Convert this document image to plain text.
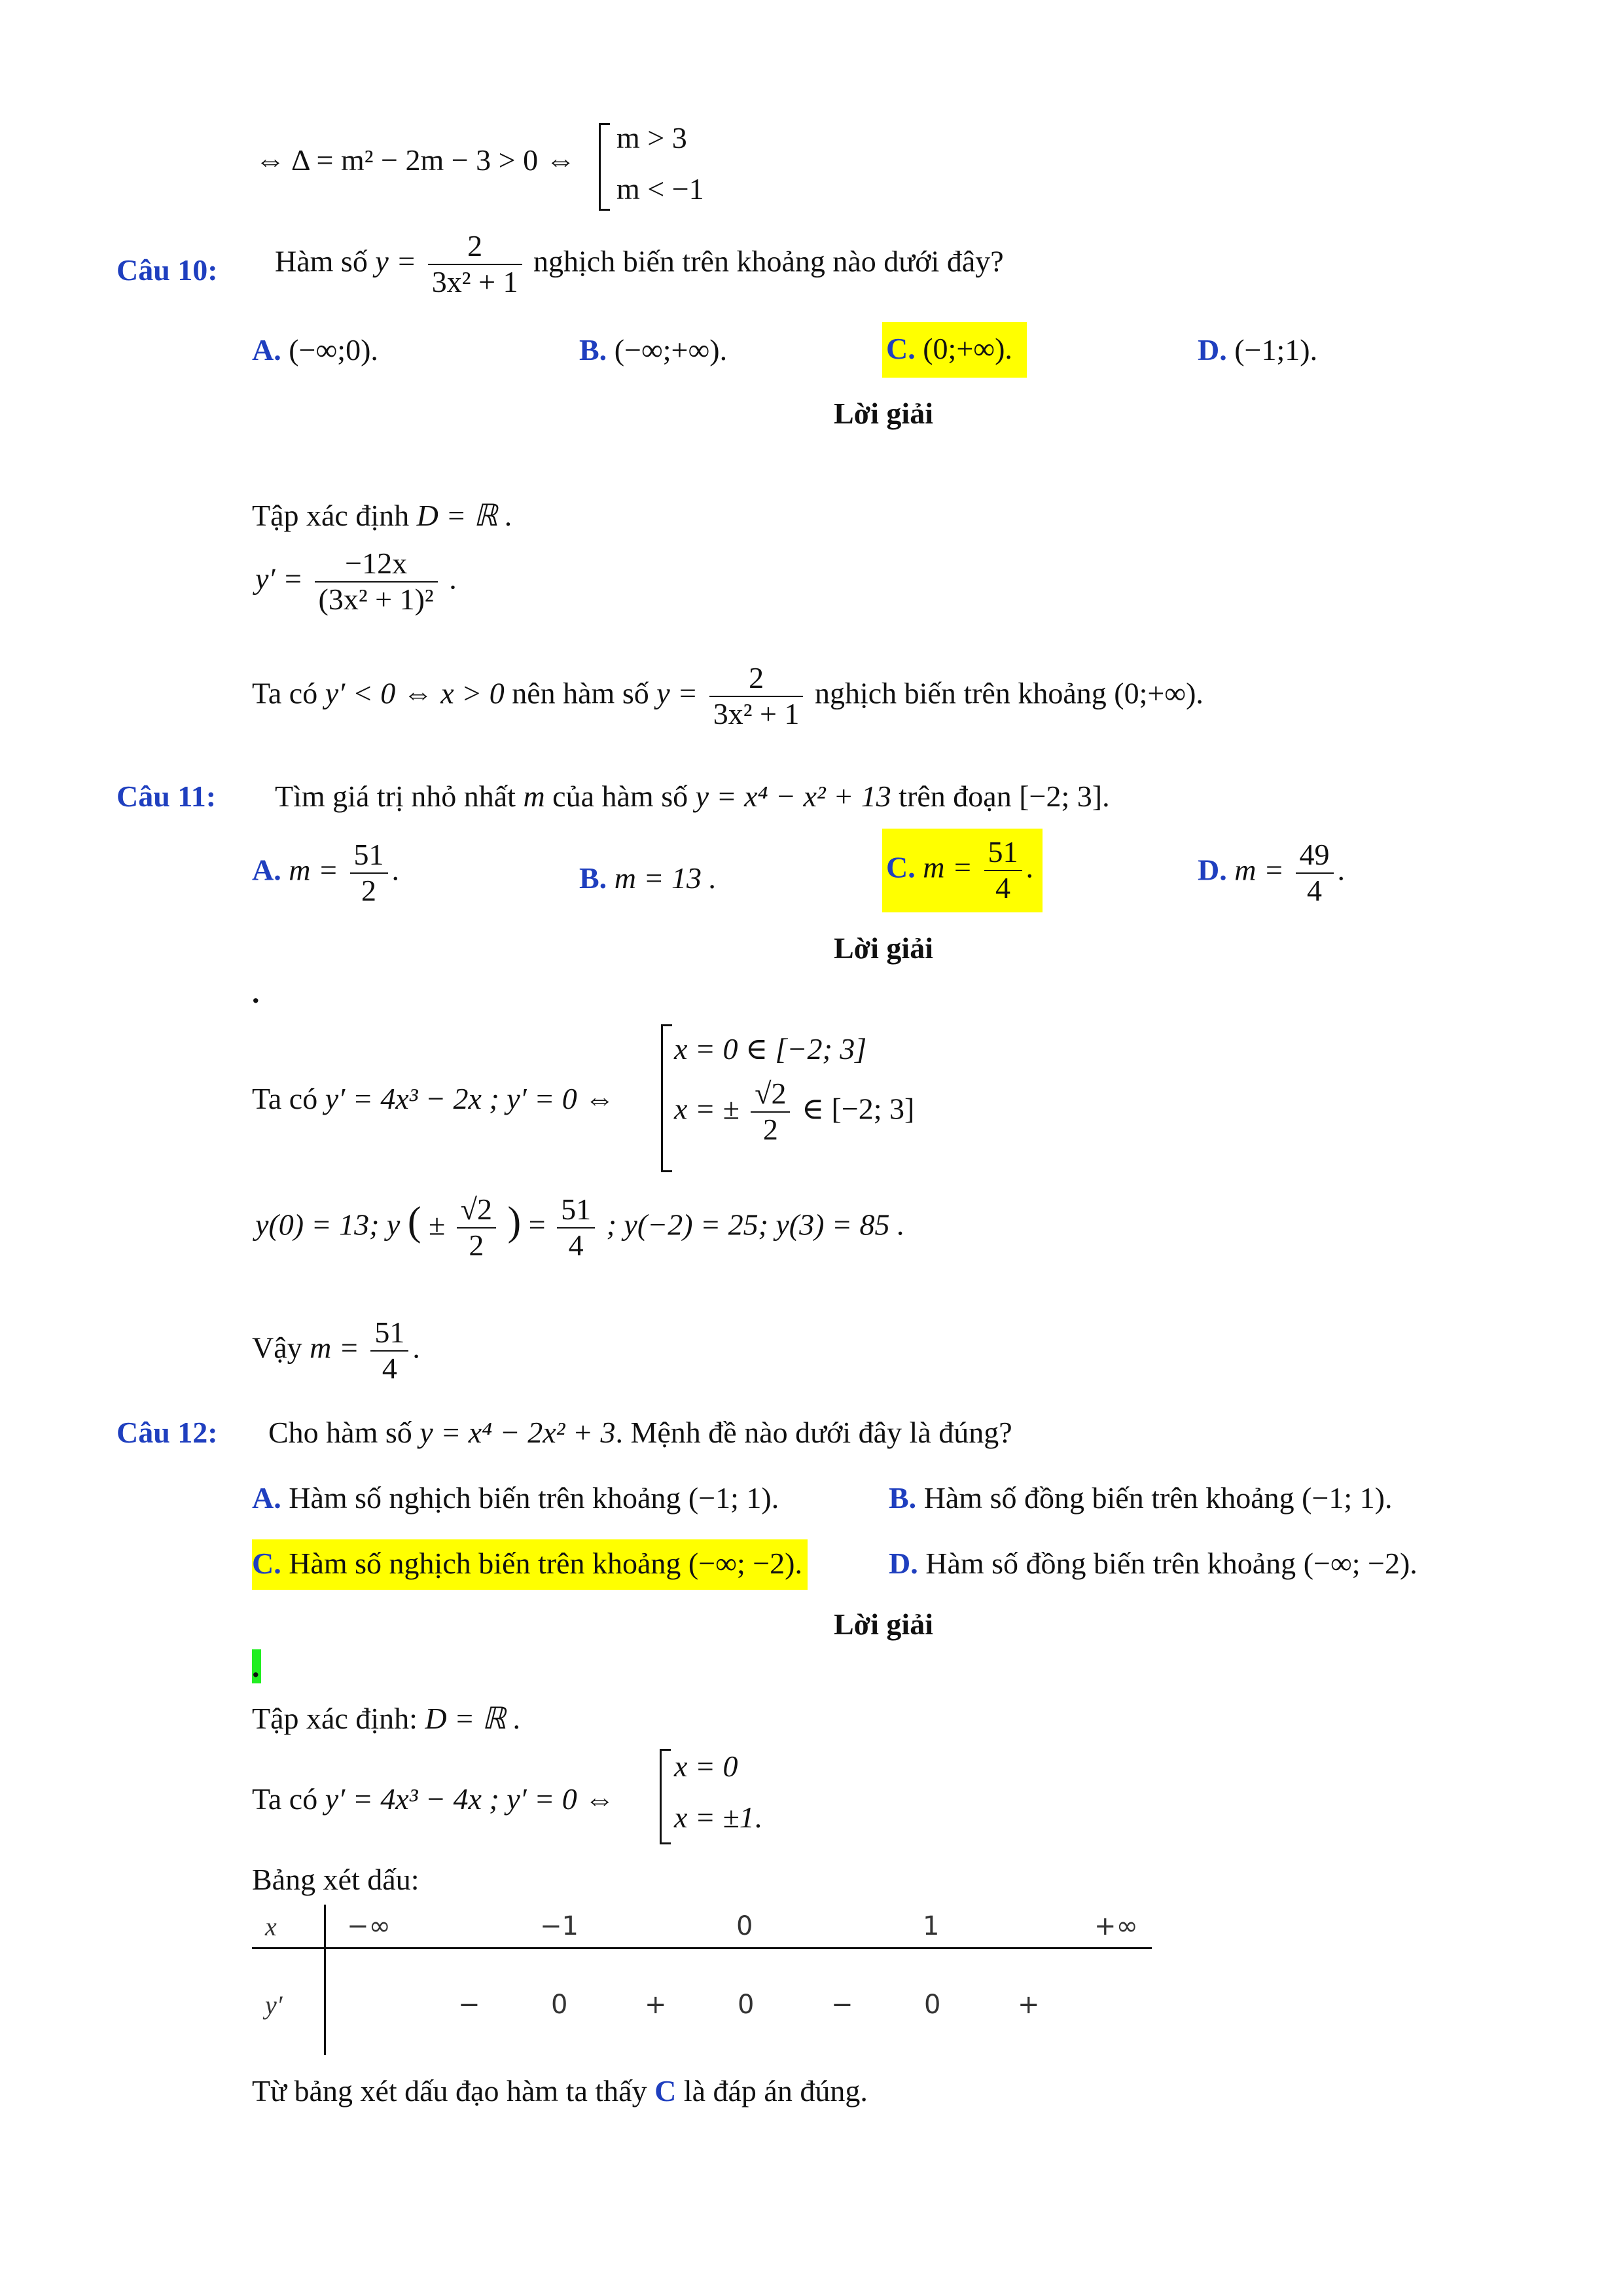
⇔ Δ = m² − 2m − 3 > 0 ⇔
m > 3
m < −1
Câu 10: Hàm số $y = \frac{2}{\text{3x² + 1}}$ nghịch biến trên khoảng nào dưới đây?
A. (−∞;0).	B. (−∞;+∞).	C. (0;+∞).	D. (−1;1).
Lời giải
Tập xác định D = ℝ .
$y' = \frac{-12x}{\text{(3x² + 1)²}}$ .
Ta có y′ < 0 ⇔ x > 0 nên hàm số $y = \frac{2}{\text{3x² + 1}}$ nghịch biến trên khoảng (0;+∞).
Câu 11: Tìm giá trị nhỏ nhất m của hàm số y = x⁴ − x² + 13 trên đoạn [−2; 3].
A. $m = \frac{51}{2}$ .	B. m = 13 .	C. $m = \frac{51}{4}$ .	D. $m = \frac{49}{4}$ .
Lời giải
.
Ta có y′ = 4x³ − 2x ; y′ = 0 ⇔
x = 0 ∈ [−2; 3]
x = ± $\frac{√2}{2}$ ∈ [−2; 3]
y(0) = 13; y ( ± $\frac{√2}{2}$ ) = $\frac{51}{4}$ ; y(−2) = 25; y(3) = 85 .
Vậy $m = \frac{51}{4}$ .
Câu 12: Cho hàm số y = x⁴ − 2x² + 3. Mệnh đề nào dưới đây là đúng?
A. Hàm số nghịch biến trên khoảng (−1; 1).	B. Hàm số đồng biến trên khoảng (−1; 1).
C. Hàm số nghịch biến trên khoảng (−∞; −2).	D. Hàm số đồng biến trên khoảng (−∞; −2).
Lời giải
.
Tập xác định: D = ℝ .
Ta có y′ = 4x³ − 4x ; y′ = 0 ⇔
x = 0
x = ±1.
Bảng xét dấu:
x	−∞	−1	0	1	+∞
y′	−	0	+	0	−	0	+
Từ bảng xét dấu đạo hàm ta thấy C là đáp án đúng.
